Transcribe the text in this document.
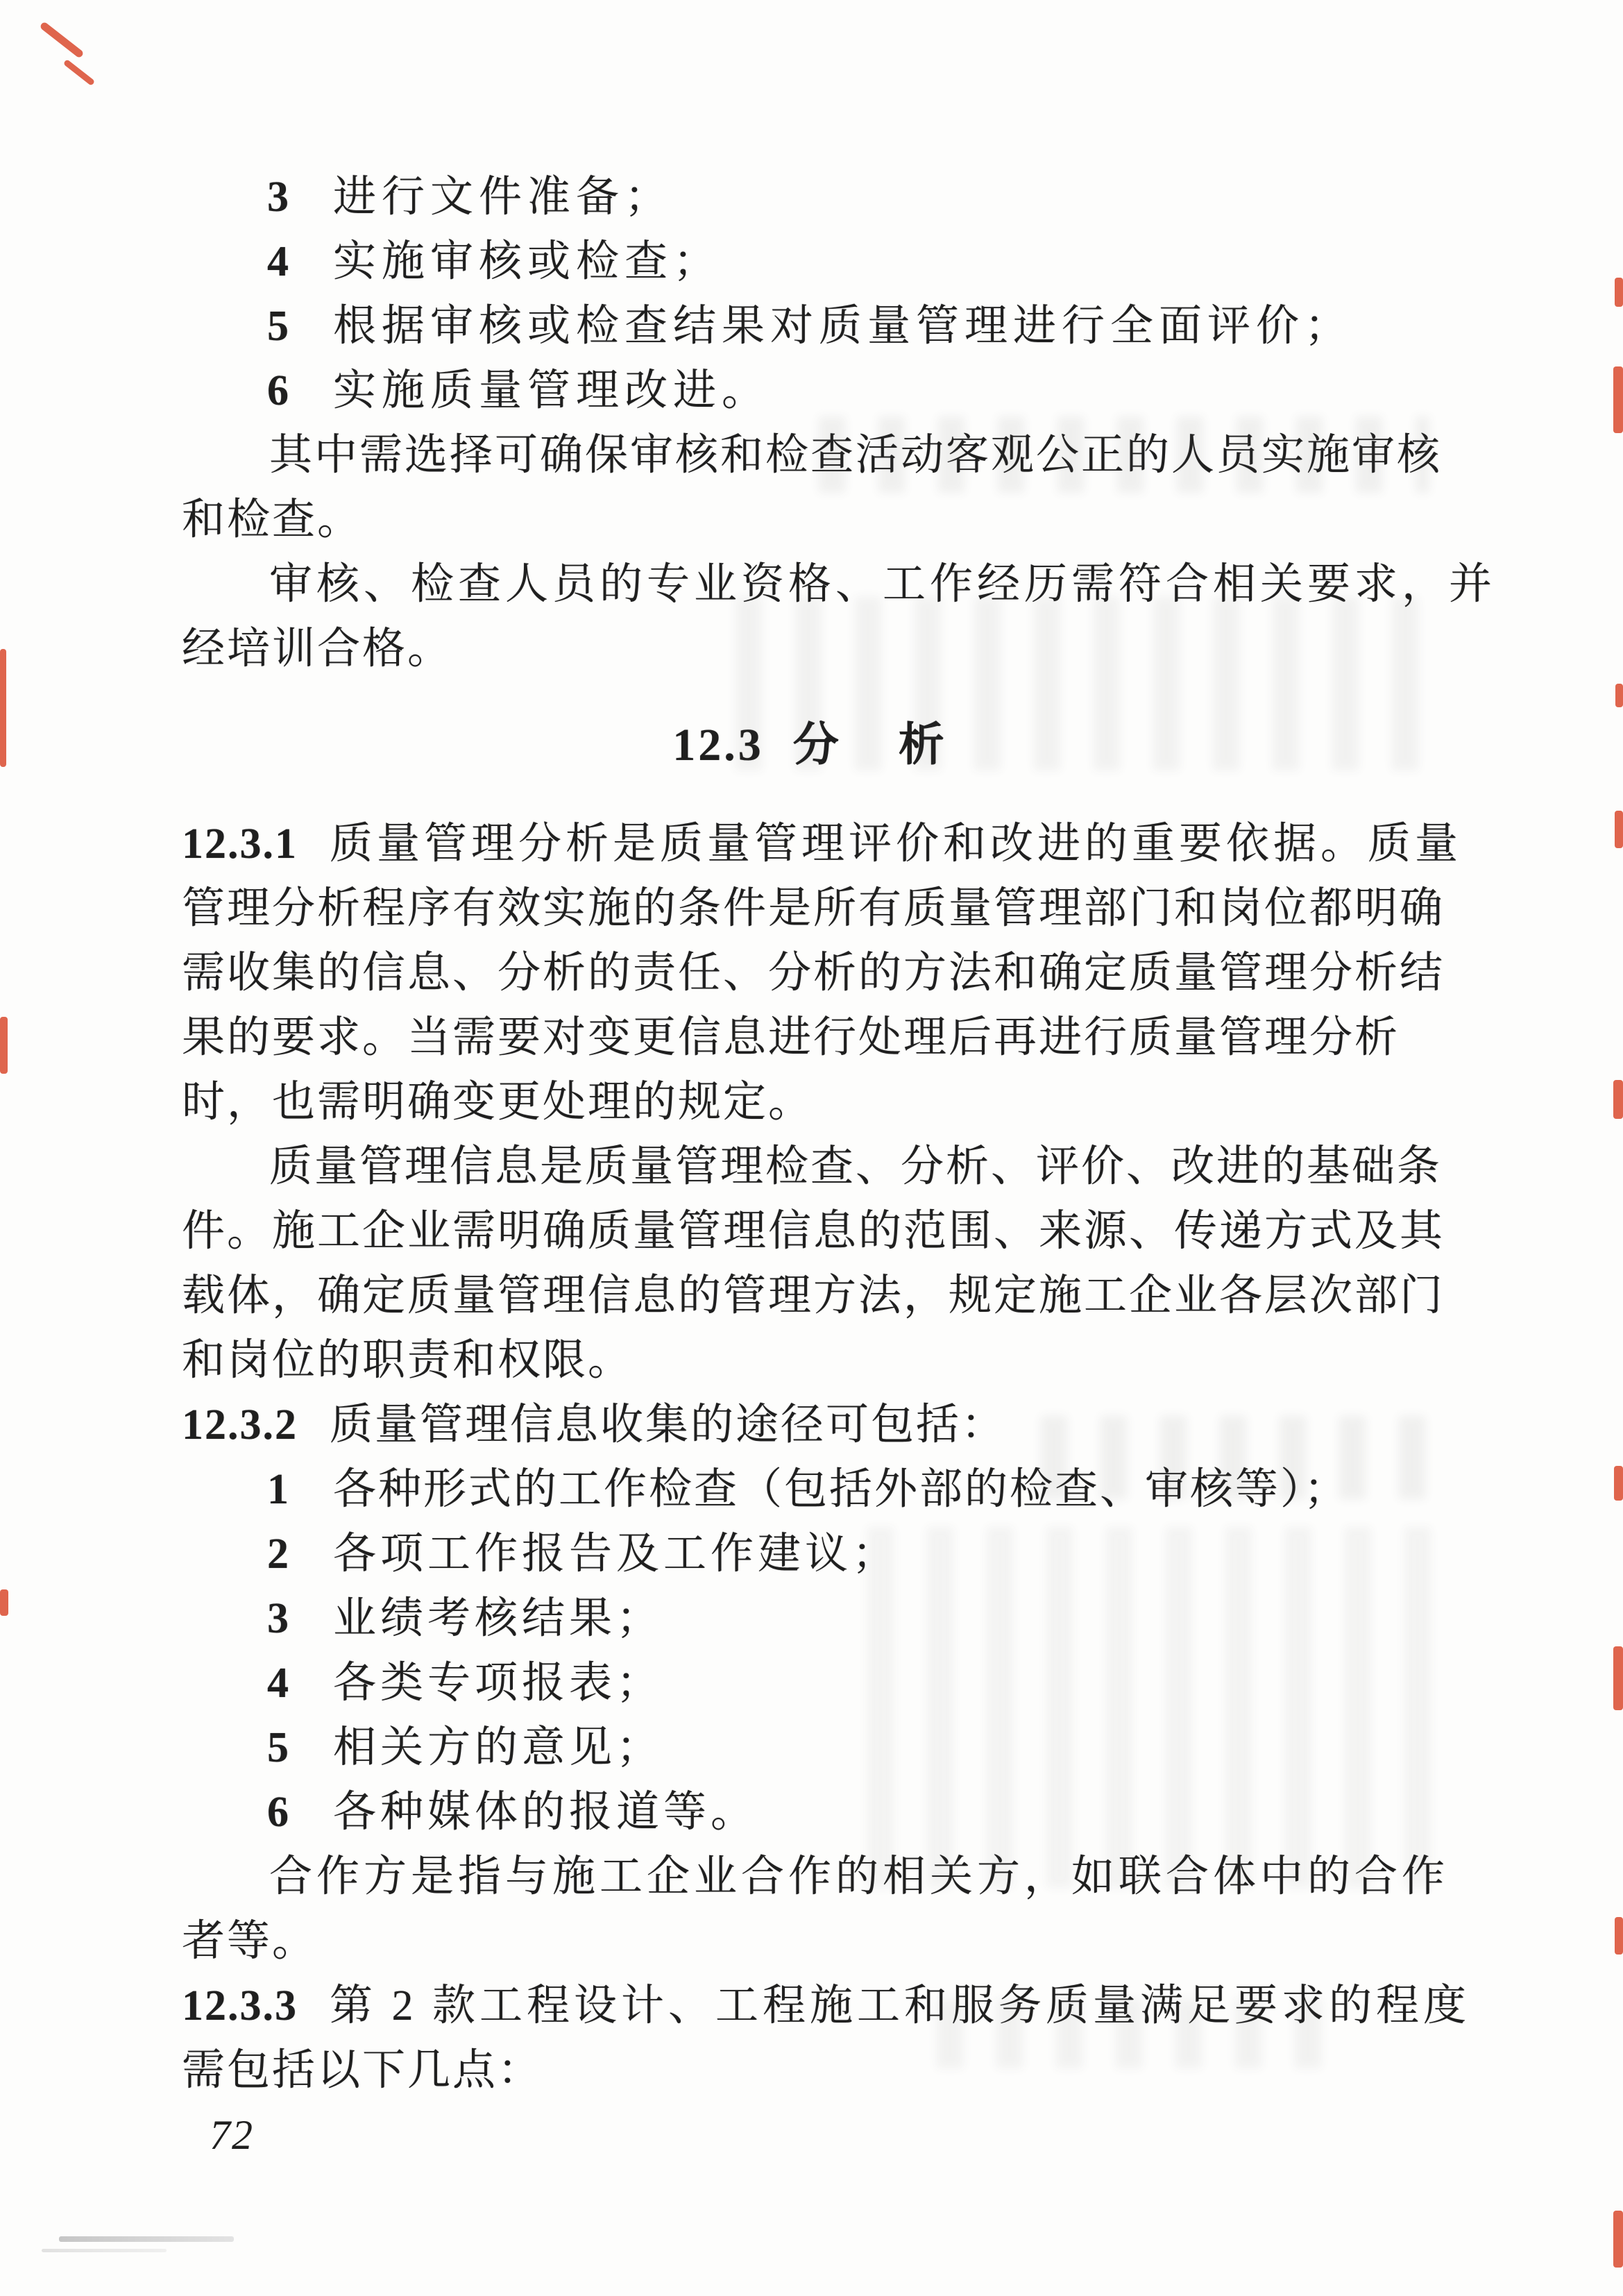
3 进行文件准备；
4 实施审核或检查；
5 根据审核或检查结果对质量管理进行全面评价；
6 实施质量管理改进。
其中需选择可确保审核和检查活动客观公正的人员实施审核
和检查。
审核、检查人员的专业资格、工作经历需符合相关要求，并
经培训合格。
12.3 分　析
12.3.1 质量管理分析是质量管理评价和改进的重要依据。质量
管理分析程序有效实施的条件是所有质量管理部门和岗位都明确
需收集的信息、分析的责任、分析的方法和确定质量管理分析结
果的要求。当需要对变更信息进行处理后再进行质量管理分析
时，也需明确变更处理的规定。
质量管理信息是质量管理检查、分析、评价、改进的基础条
件。施工企业需明确质量管理信息的范围、来源、传递方式及其
载体，确定质量管理信息的管理方法，规定施工企业各层次部门
和岗位的职责和权限。
12.3.2 质量管理信息收集的途径可包括：
1 各种形式的工作检查（包括外部的检查、审核等）；
2 各项工作报告及工作建议；
3 业绩考核结果；
4 各类专项报表；
5 相关方的意见；
6 各种媒体的报道等。
合作方是指与施工企业合作的相关方，如联合体中的合作
者等。
12.3.3 第 2 款工程设计、工程施工和服务质量满足要求的程度
需包括以下几点：
72
